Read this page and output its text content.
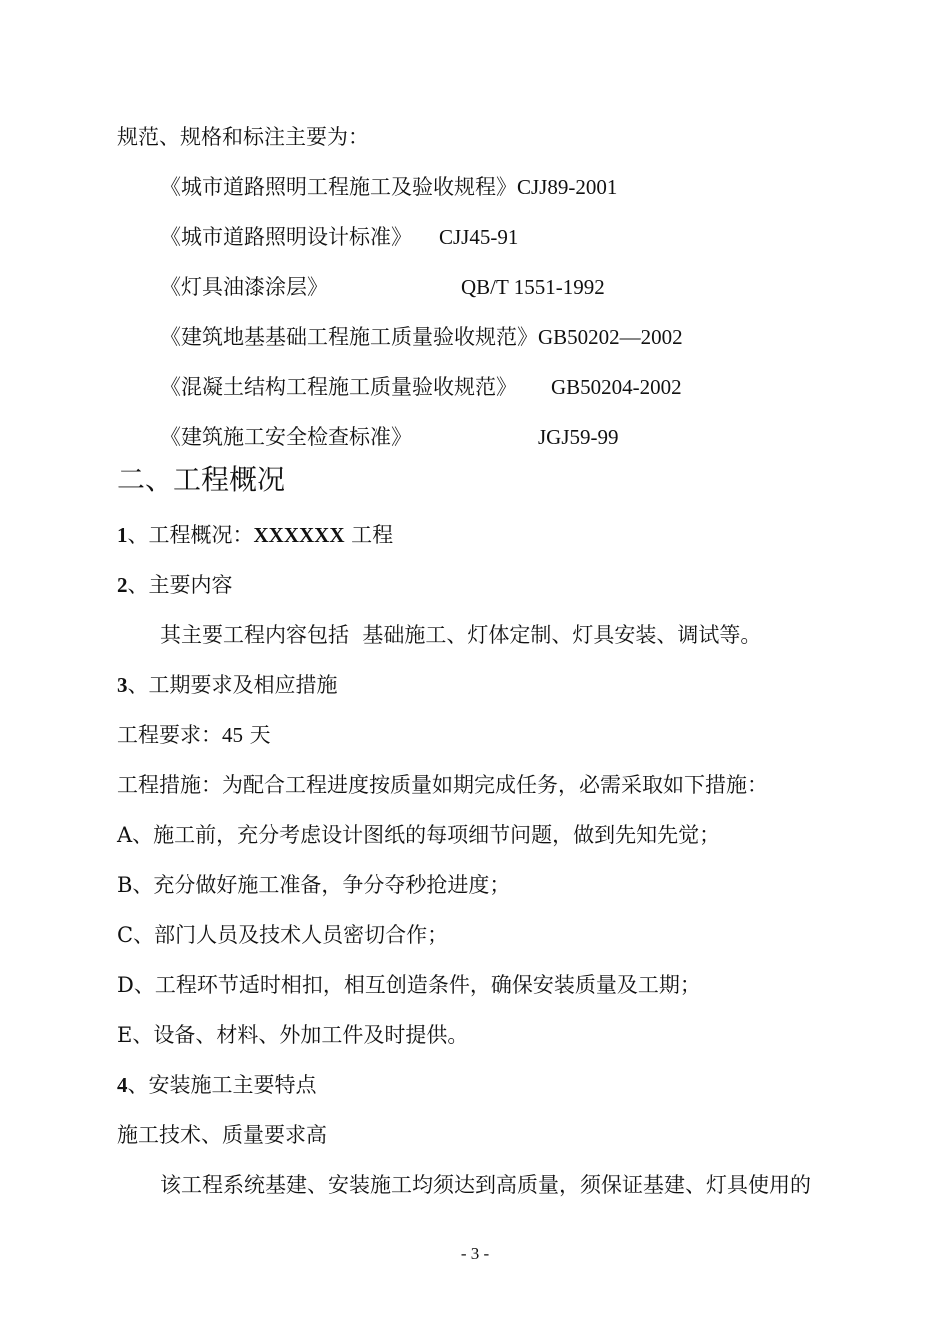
规范、规格和标注主要为：
《城市道路照明工程施工及验收规程》CJJ89-2001
《城市道路照明设计标准》 CJJ45-91
《灯具油漆涂层》	QB/T 1551-1992
《建筑地基基础工程施工质量验收规范》GB50202—2002
《混凝土结构工程施工质量验收规范》 GB50204-2002
《建筑施工安全检查标准》	JGJ59-99
二、工程概况
1、工程概况：XXXXXX 工程
2、主要内容
其主要工程内容包括  基础施工、灯体定制、灯具安装、调试等。
3、工期要求及相应措施
工程要求：45 天
工程措施：为配合工程进度按质量如期完成任务，必需采取如下措施：
A、施工前，充分考虑设计图纸的每项细节问题，做到先知先觉；
B、充分做好施工准备，争分夺秒抢进度；
C、部门人员及技术人员密切合作；
D、工程环节适时相扣，相互创造条件，确保安装质量及工期；
E、设备、材料、外加工件及时提供。
4、安装施工主要特点
施工技术、质量要求高
该工程系统基建、安装施工均须达到高质量，须保证基建、灯具使用的
- 3 -
